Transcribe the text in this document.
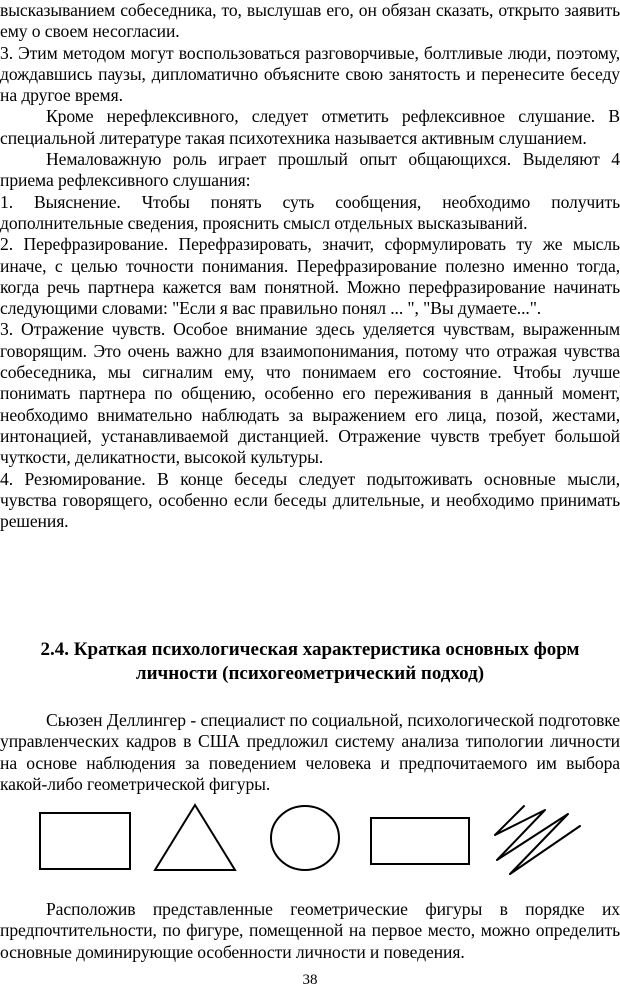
высказыванием собеседника, то, выслушав его, он обязан сказать, открыто заявить ему о своем несогласии.

3. Этим методом могут воспользоваться разговорчивые, болтливые люди, поэтому, дождавшись паузы, дипломатично объясните свою занятость и перенесите беседу на другое время.

Кроме нерефлексивного, следует отметить рефлексивное слушание. В специальной литературе такая психотехника называется активным слушанием.

Немаловажную роль играет прошлый опыт общающихся. Выделяют 4 приема рефлексивного слушания:

1. Выяснение. Чтобы понять суть сообщения, необходимо получить дополнительные сведения, прояснить смысл отдельных высказываний.

2. Перефразирование. Перефразировать, значит, сформулировать ту же мысль иначе, с целью точности понимания. Перефразирование полезно именно тогда, когда речь партнера кажется вам понятной. Можно перефразирование начинать следующими словами: "Если я вас правильно понял ... ", "Вы думаете...".

3. Отражение чувств. Особое внимание здесь уделяется чувствам, выраженным говорящим. Это очень важно для взаимопонимания, потому что отражая чувства собеседника, мы сигналим ему, что понимаем его состояние. Чтобы лучше понимать партнера по общению, особенно его переживания в данный момент, необходимо внимательно наблюдать за выражением его лица, позой, жестами, интонацией, устанавливаемой дистанцией. Отражение чувств требует большой чуткости, деликатности, высокой культуры.

4. Резюмирование. В конце беседы следует подытоживать основные мысли, чувства говорящего, особенно если беседы длительные, и необходимо принимать решения.

2.4. Краткая психологическая характеристика основных форм личности (психогеометрический подход)

Сьюзен Деллингер - специалист по социальной, психологической подготовке управленческих кадров в США предложил систему анализа типологии личности на основе наблюдения за поведением человека и предпочитаемого им выбора какой-либо геометрической фигуры.

Расположив представленные геометрические фигуры в порядке их предпочтительности, по фигуре, помещенной на первое место, можно определить основные доминирующие особенности личности и поведения.

38
